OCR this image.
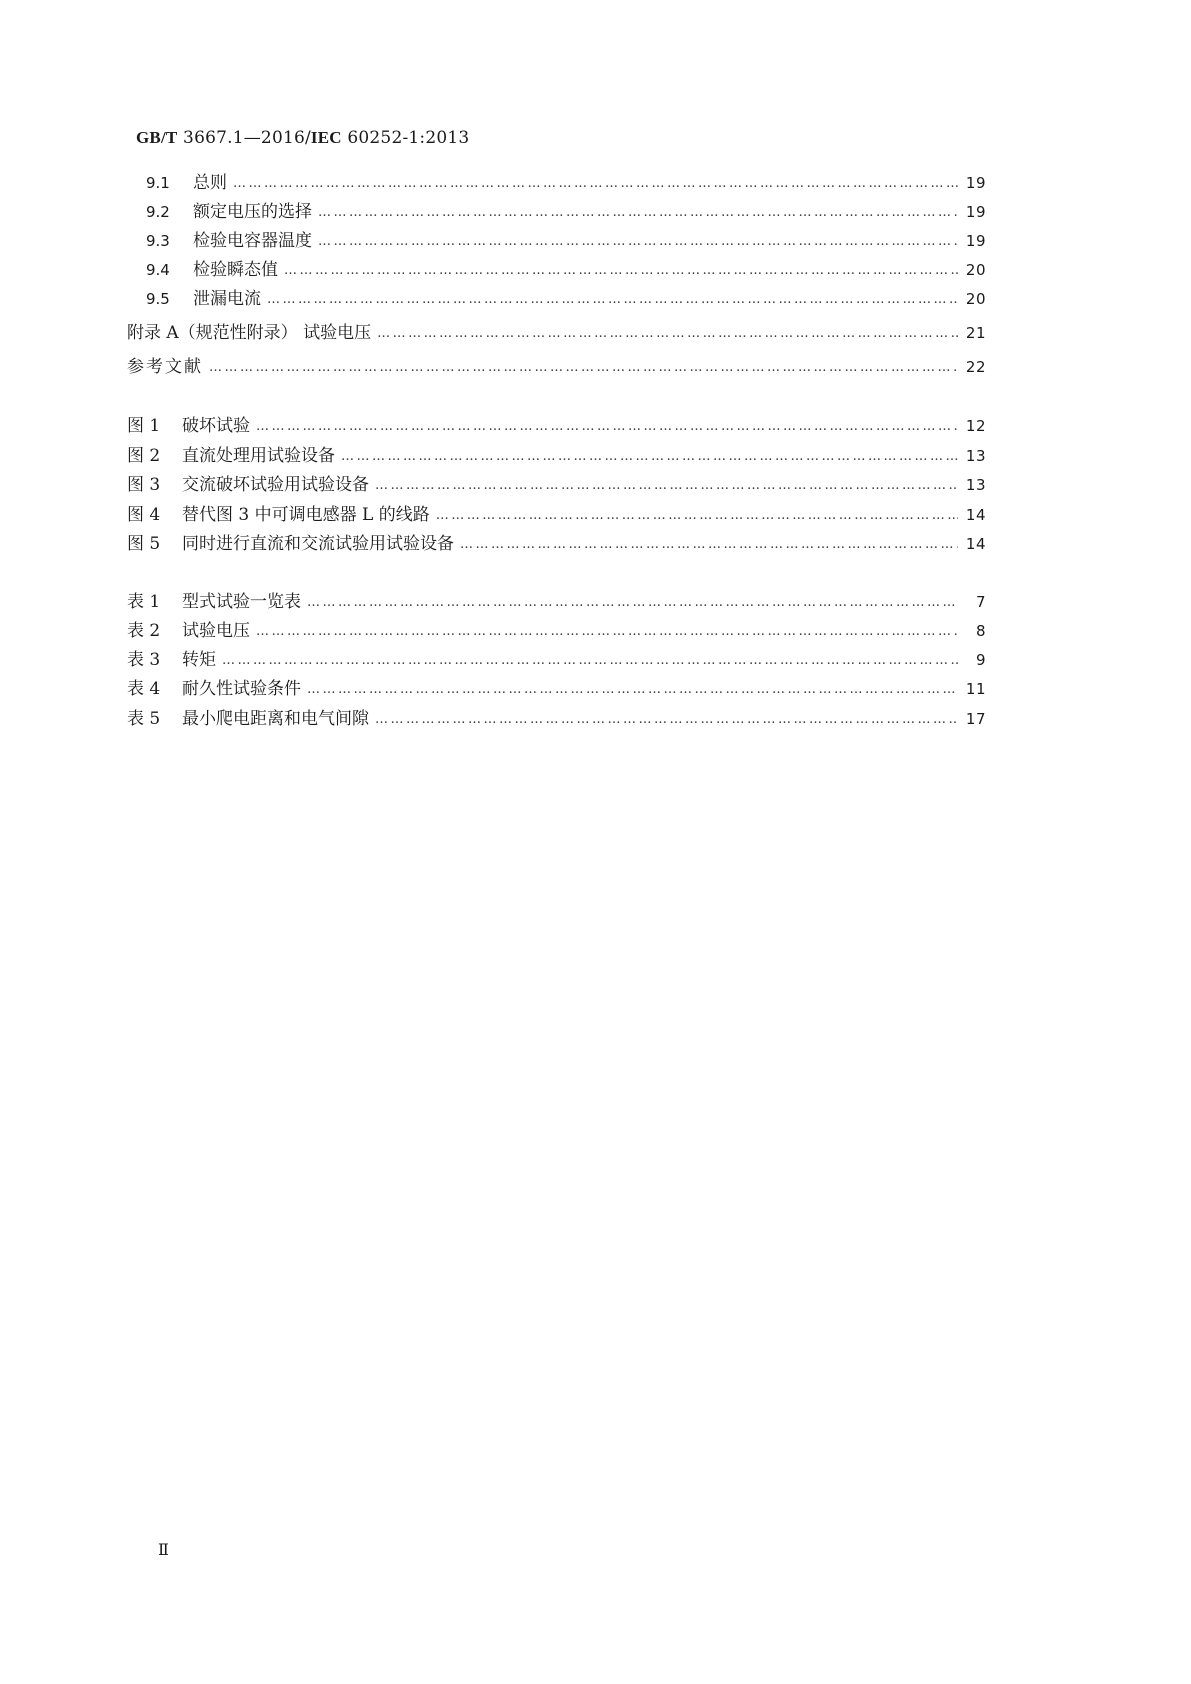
GB/T 3667.1—2016/IEC 60252-1:2013
9.1	总则 …………………………………………………………………………………………………………………………………………………………………………………………………………	19
9.2	额定电压的选择 …………………………………………………………………………………………………………………………………………………………………………………………………………	19
9.3	检验电容器温度 …………………………………………………………………………………………………………………………………………………………………………………………………………	19
9.4	检验瞬态值 …………………………………………………………………………………………………………………………………………………………………………………………………………	20
9.5	泄漏电流 …………………………………………………………………………………………………………………………………………………………………………………………………………	20
附录 A（规范性附录） 试验电压 …………………………………………………………………………………………………………………………………………………………………………………………………………	21
参考文献 …………………………………………………………………………………………………………………………………………………………………………………………………………	22
图 1	破坏试验 …………………………………………………………………………………………………………………………………………………………………………………………………………	12
图 2	直流处理用试验设备 …………………………………………………………………………………………………………………………………………………………………………………………………………	13
图 3	交流破坏试验用试验设备 …………………………………………………………………………………………………………………………………………………………………………………………………………	13
图 4	替代图 3 中可调电感器 L 的线路 …………………………………………………………………………………………………………………………………………………………………………………………………………	14
图 5	同时进行直流和交流试验用试验设备 …………………………………………………………………………………………………………………………………………………………………………………………………………	14
表 1	型式试验一览表 …………………………………………………………………………………………………………………………………………………………………………………………………………	7
表 2	试验电压 …………………………………………………………………………………………………………………………………………………………………………………………………………	8
表 3	转矩 …………………………………………………………………………………………………………………………………………………………………………………………………………	9
表 4	耐久性试验条件 …………………………………………………………………………………………………………………………………………………………………………………………………………	11
表 5	最小爬电距离和电气间隙 …………………………………………………………………………………………………………………………………………………………………………………………………………	17
Ⅱ
